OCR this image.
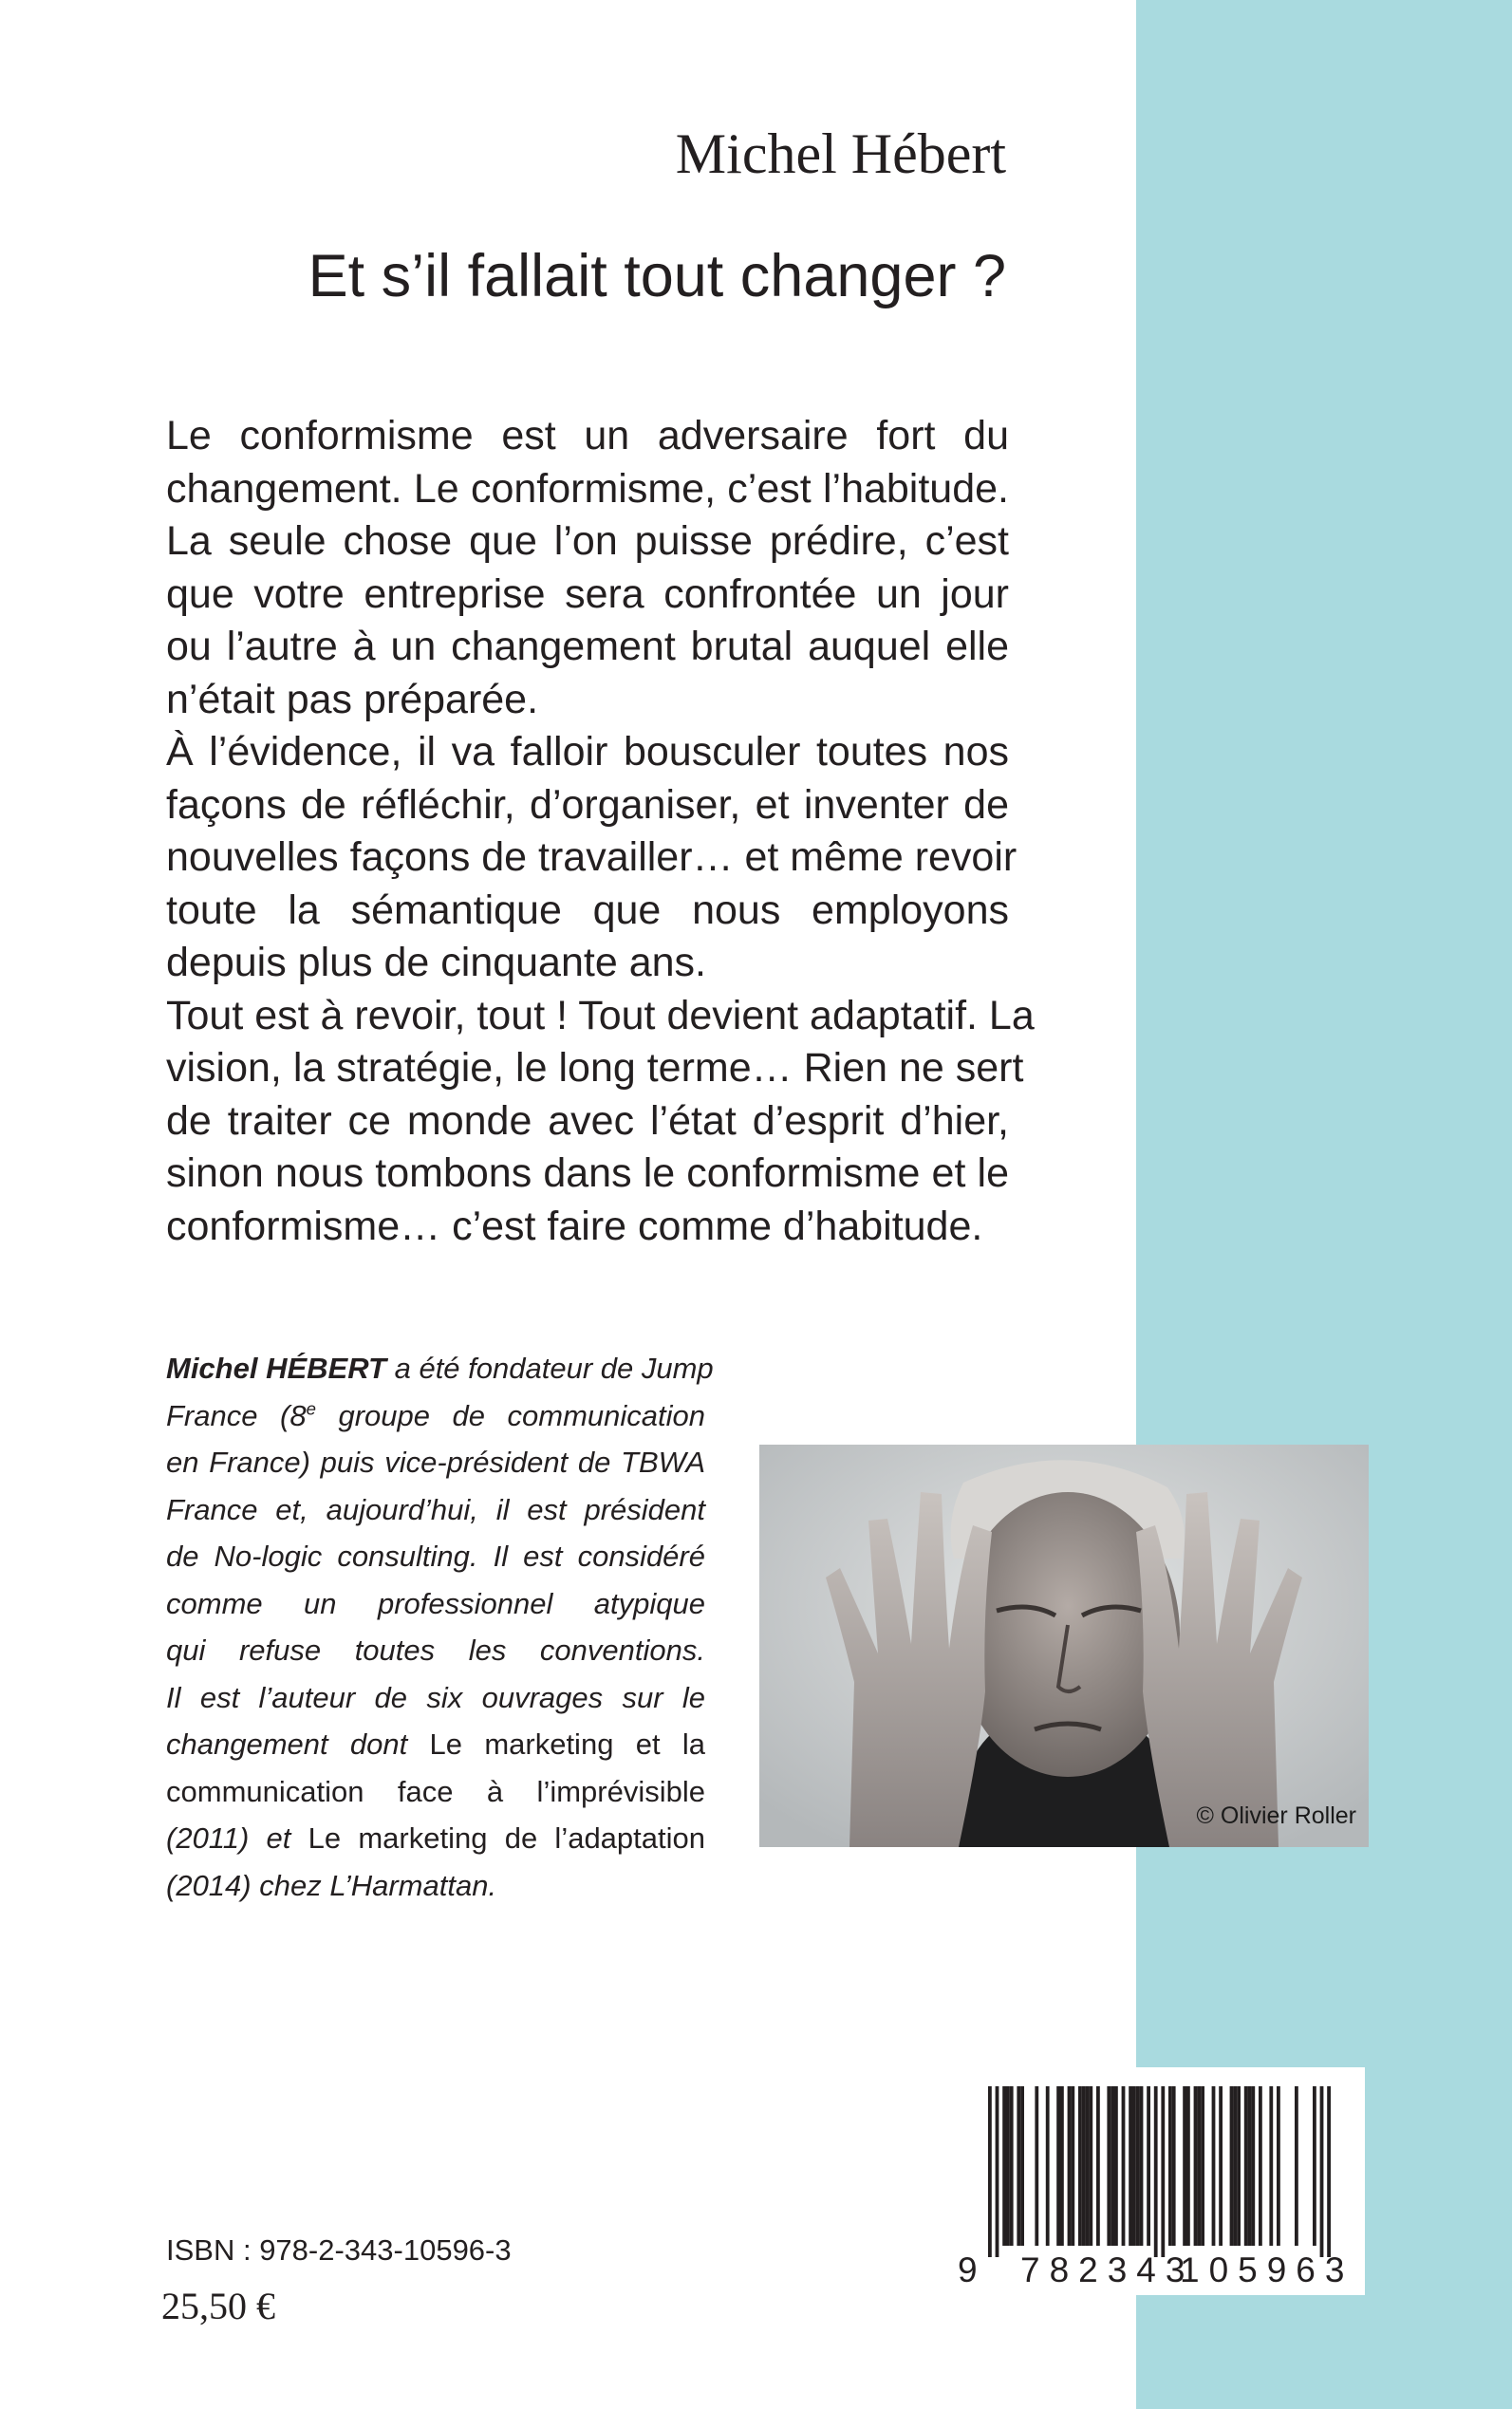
Michel Hébert
Et s’il fallait tout changer ?

Le conformisme est un adversaire fort du
changement. Le conformisme, c’est l’habitude.
La seule chose que l’on puisse prédire, c’est
que votre entreprise sera confrontée un jour
ou l’autre à un changement brutal auquel elle
n’était pas préparée.

À l’évidence, il va falloir bousculer toutes nos
façons de réfléchir, d’organiser, et inventer de
nouvelles façons de travailler… et même revoir
toute la sémantique que nous employons
depuis plus de cinquante ans.

Tout est à revoir, tout ! Tout devient adaptatif. La
vision, la stratégie, le long terme… Rien ne sert
de traiter ce monde avec l’état d’esprit d’hier,
sinon nous tombons dans le conformisme et le
conformisme… c’est faire comme d’habitude.

Michel HÉBERT a été fondateur de Jump
France (8e groupe de communication
en France) puis vice-président de TBWA
France et, aujourd’hui, il est président
de No-logic consulting. Il est considéré
comme un professionnel atypique
qui refuse toutes les conventions.
Il est l’auteur de six ouvrages sur le
changement dont Le marketing et la
communication face à l’imprévisible
(2011) et Le marketing de l’adaptation
(2014) chez L’Harmattan.
© Olivier Roller
9 782343
105963
ISBN : 978-2-343-10596-3
25,50 €
